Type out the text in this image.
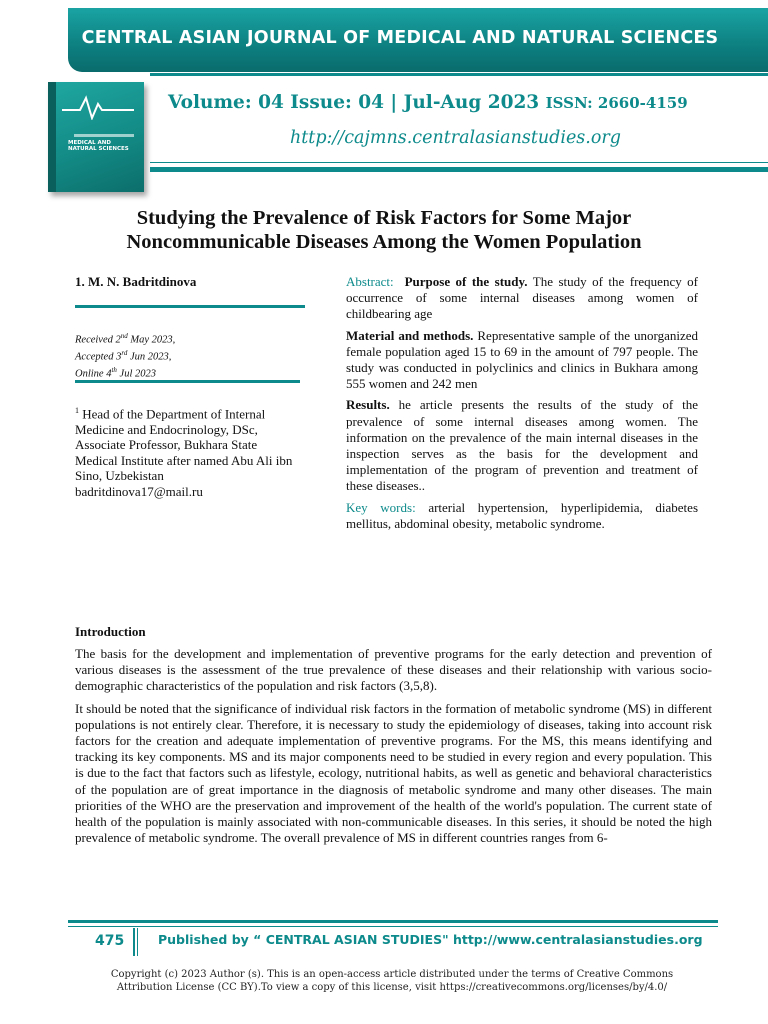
CENTRAL ASIAN JOURNAL OF MEDICAL AND NATURAL SCIENCES
MEDICAL AND NATURAL SCIENCES
Volume: 04 Issue: 04 | Jul-Aug 2023 ISSN: 2660-4159
http://cajmns.centralasianstudies.org
Studying the Prevalence of Risk Factors for Some Major Noncommunicable Diseases Among the Women Population
1. M. N. Badritdinova
Received 2nd May 2023,
Accepted 3rd Jun 2023,
Online 4th Jul 2023
$^1$ Head of the Department of Internal Medicine and Endocrinology, DSc, Associate Professor, Bukhara State Medical Institute after named Abu Ali ibn Sino, Uzbekistan
badritdinova17@mail.ru

Abstract: Purpose of the study. The study of the frequency of occurrence of some internal diseases among women of childbearing age

Material and methods. Representative sample of the unorganized female population aged 15 to 69 in the amount of 797 people. The study was conducted in polyclinics and clinics in Bukhara among 555 women and 242 men

Results. he article presents the results of the study of the prevalence of some internal diseases among women. The information on the prevalence of the main internal diseases in the inspection serves as the basis for the development and implementation of the program of prevention and treatment of these diseases..

Key words: arterial hypertension, hyperlipidemia, diabetes mellitus, abdominal obesity, metabolic syndrome.

Introduction

The basis for the development and implementation of preventive programs for the early detection and prevention of various diseases is the assessment of the true prevalence of these diseases and their relationship with various socio-demographic characteristics of the population and risk factors (3,5,8).

It should be noted that the significance of individual risk factors in the formation of metabolic syndrome (MS) in different populations is not entirely clear. Therefore, it is necessary to study the epidemiology of diseases, taking into account risk factors for the creation and adequate implementation of preventive programs. For the MS, this means identifying and tracking its key components. MS and its major components need to be studied in every region and every population. This is due to the fact that factors such as lifestyle, ecology, nutritional habits, as well as genetic and behavioral characteristics of the population are of great importance in the diagnosis of metabolic syndrome and many other diseases. The main priorities of the WHO are the preservation and improvement of the health of the world's population. The current state of health of the population is mainly associated with non-communicable diseases. In this series, it should be noted the high prevalence of metabolic syndrome. The overall prevalence of MS in different countries ranges from 6-

475	Published by “ CENTRAL ASIAN STUDIES" http://www.centralasianstudies.org
Copyright (c) 2023 Author (s). This is an open-access article distributed under the terms of Creative Commons
Attribution License (CC BY).To view a copy of this license, visit https://creativecommons.org/licenses/by/4.0/
